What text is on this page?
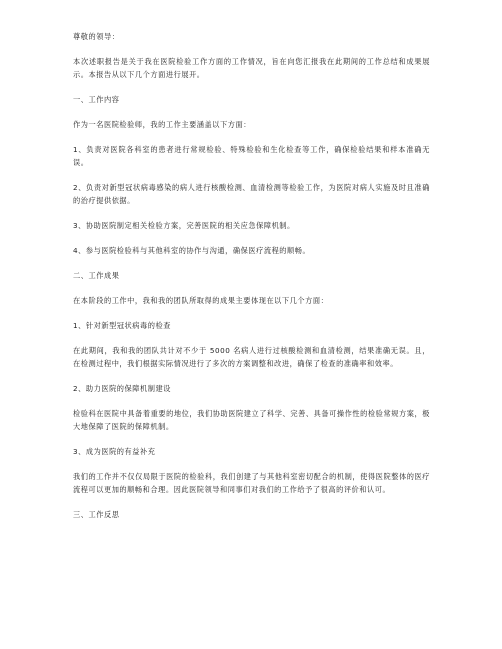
尊敬的领导：

本次述职报告是关于我在医院检验工作方面的工作情况，旨在向您汇报我在此期间的工作总结和成果展示。本报告从以下几个方面进行展开。

一、工作内容

作为一名医院检验师，我的工作主要涵盖以下方面：

1、负责对医院各科室的患者进行常规检验、特殊检验和生化检查等工作，确保检验结果和样本准确无误。

2、负责对新型冠状病毒感染的病人进行核酸检测、血清检测等检验工作，为医院对病人实施及时且准确的治疗提供依据。

3、协助医院制定相关检验方案，完善医院的相关应急保障机制。

4、参与医院检验科与其他科室的协作与沟通，确保医疗流程的顺畅。

二、工作成果

在本阶段的工作中，我和我的团队所取得的成果主要体现在以下几个方面：

1、针对新型冠状病毒的检查

在此期间，我和我的团队共计对不少于 5000 名病人进行过核酸检测和血清检测，结果准确无误。且，在检测过程中，我们根据实际情况进行了多次的方案调整和改进，确保了检查的准确率和效率。

2、助力医院的保障机制建设

检验科在医院中具备着重要的地位，我们协助医院建立了科学、完善、具备可操作性的检验常规方案，极大地保障了医院的保障机制。

3、成为医院的有益补充

我们的工作并不仅仅局限于医院的检验科，我们创建了与其他科室密切配合的机制，使得医院整体的医疗流程可以更加的顺畅和合理。因此医院领导和同事们对我们的工作给予了很高的评价和认可。

三、工作反思
